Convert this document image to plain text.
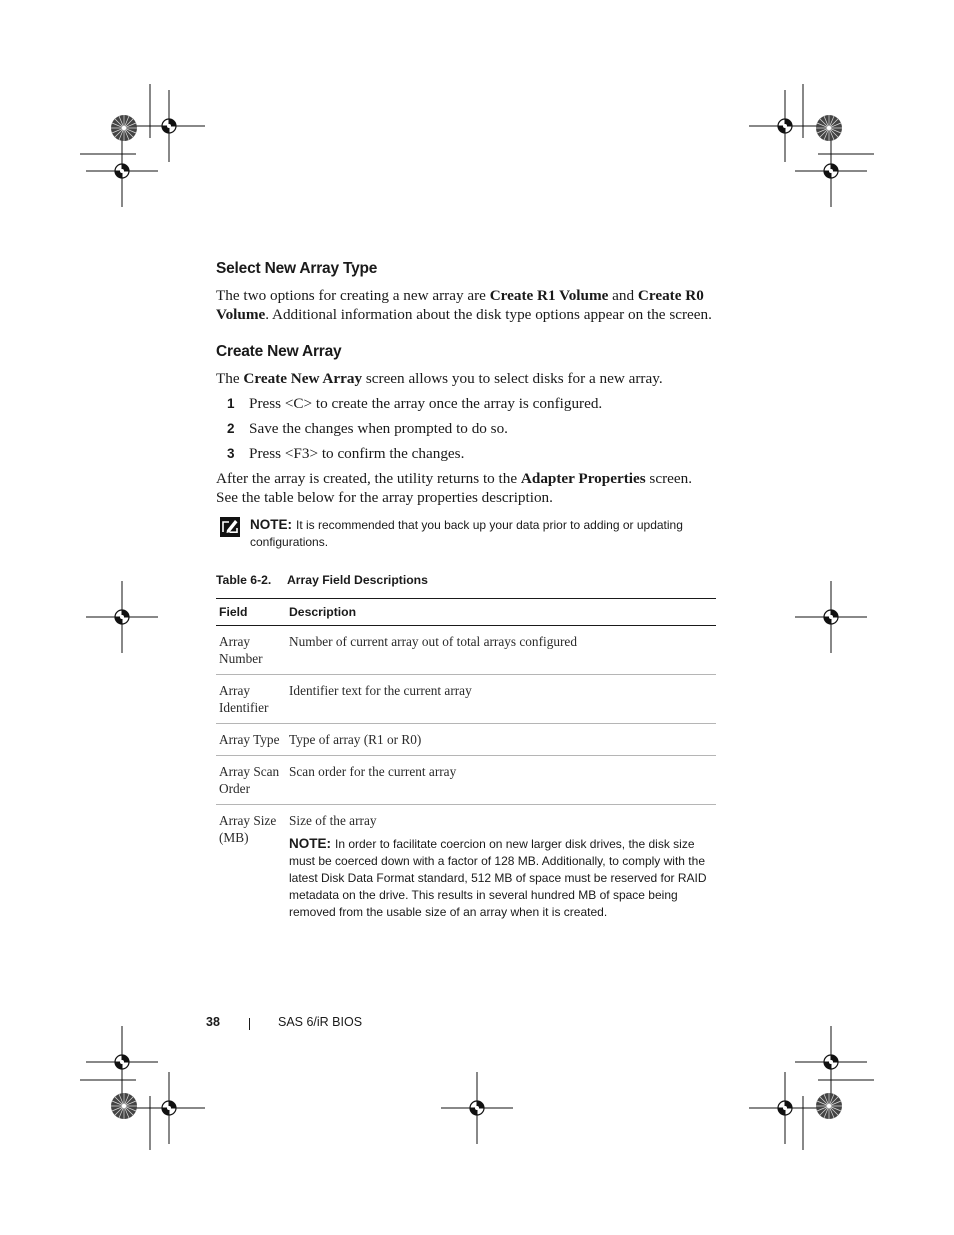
Select New Array Type

The two options for creating a new array are Create R1 Volume and Create R0 Volume. Additional information about the disk type options appear on the screen.

Create New Array

The Create New Array screen allows you to select disks for a new array.

1 Press <C> to create the array once the array is configured.
2 Save the changes when prompted to do so.
3 Press <F3> to confirm the changes.

After the array is created, the utility returns to the Adapter Properties screen. See the table below for the array properties description.

NOTE: It is recommended that you back up your data prior to adding or updating configurations.
Table 6-2. Array Field Descriptions
Field	Description
Array Number	Number of current array out of total arrays configured
Array Identifier	Identifier text for the current array
Array Type	Type of array (R1 or R0)
Array Scan Order	Scan order for the current array
Array Size (MB)	Size of the array
NOTE: In order to facilitate coercion on new larger disk drives, the disk size must be coerced down with a factor of 128 MB. Additionally, to comply with the latest Disk Data Format standard, 512 MB of space must be reserved for RAID metadata on the drive. This results in several hundred MB of space being removed from the usable size of an array when it is created.
38	SAS 6/iR BIOS
